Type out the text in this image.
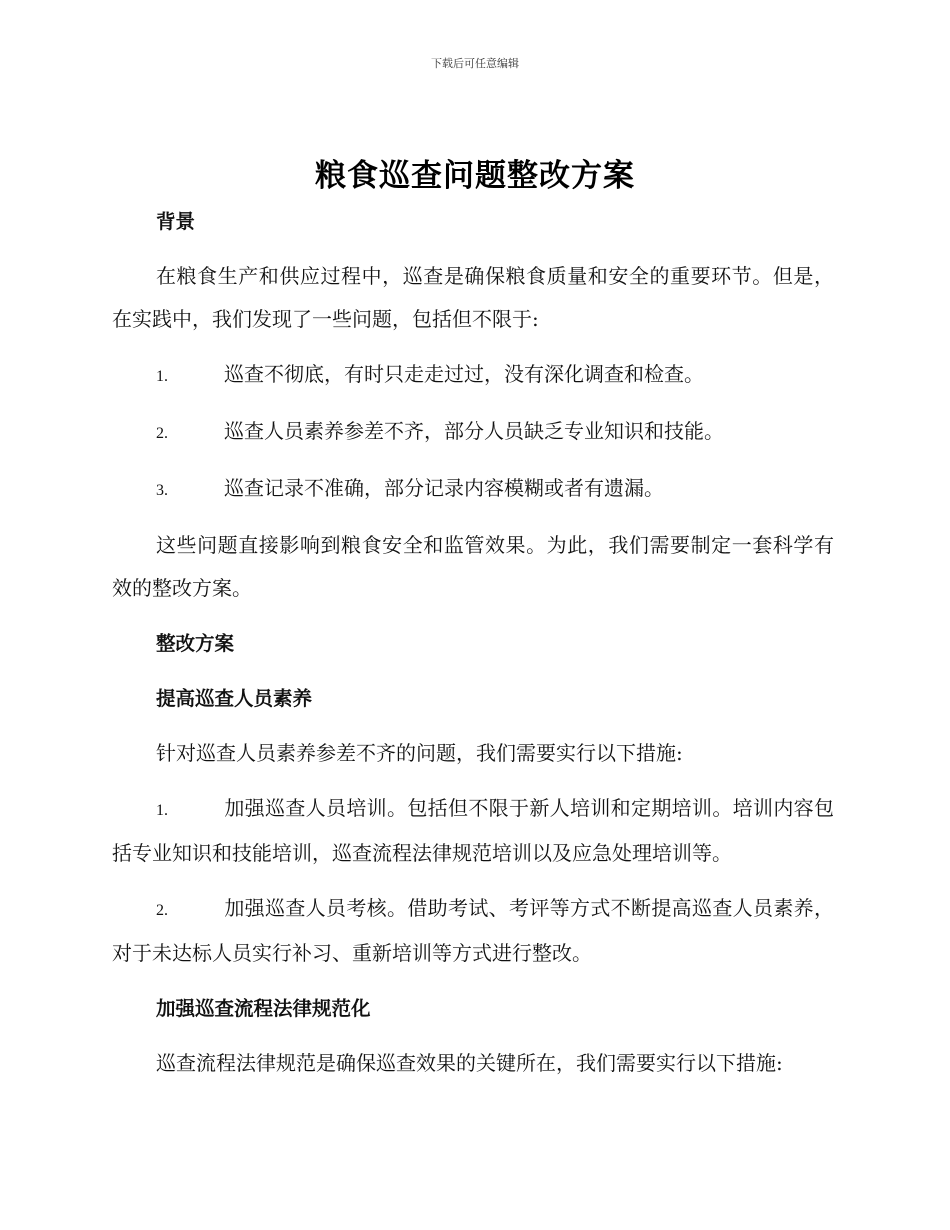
下载后可任意编辑
粮食巡查问题整改方案
背景
在粮食生产和供应过程中，巡查是确保粮食质量和安全的重要环节。但是，在实践中，我们发现了一些问题，包括但不限于:
1.	巡查不彻底，有时只走走过过，没有深化调查和检查。
2.	巡查人员素养参差不齐，部分人员缺乏专业知识和技能。
3.	巡查记录不准确，部分记录内容模糊或者有遗漏。
这些问题直接影响到粮食安全和监管效果。为此，我们需要制定一套科学有效的整改方案。
整改方案
提高巡查人员素养
针对巡查人员素养参差不齐的问题，我们需要实行以下措施:
1.	加强巡查人员培训。包括但不限于新人培训和定期培训。培训内容包括专业知识和技能培训，巡查流程法律规范培训以及应急处理培训等。
2.	加强巡查人员考核。借助考试、考评等方式不断提高巡查人员素养，对于未达标人员实行补习、重新培训等方式进行整改。
加强巡查流程法律规范化
巡查流程法律规范是确保巡查效果的关键所在，我们需要实行以下措施:
